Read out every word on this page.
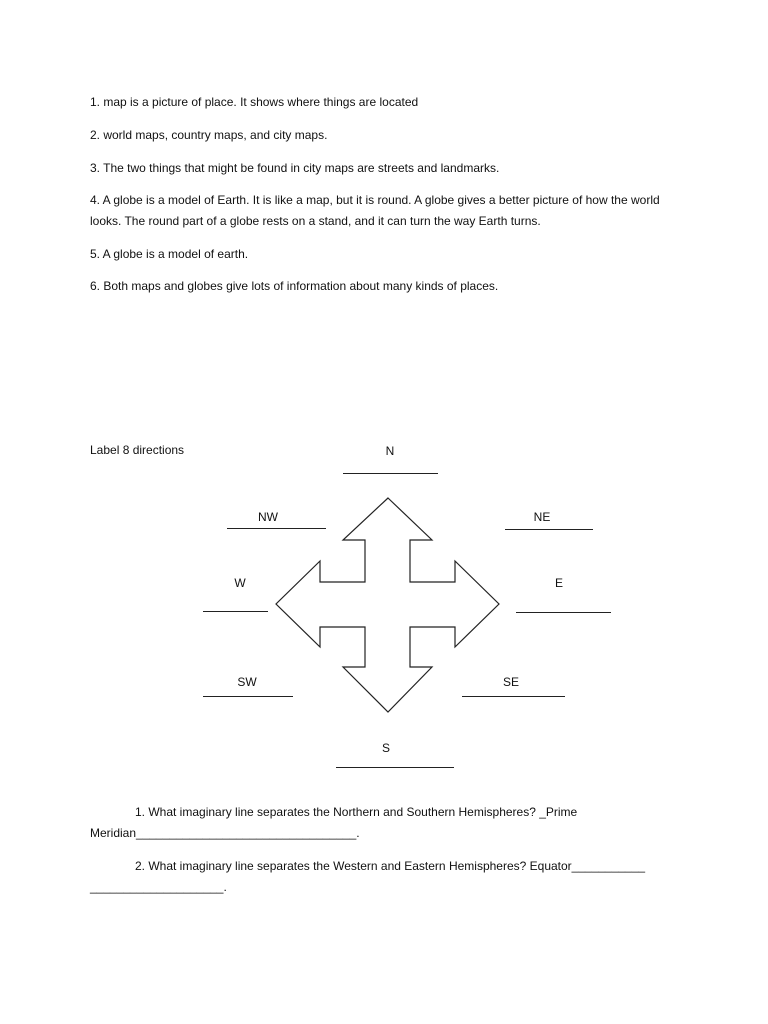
1. map is a picture of place. It shows where things are located
2. world maps, country maps, and city maps.
3. The two things that might be found in city maps are streets and landmarks.
4. A globe is a model of Earth. It is like a map, but it is round. A globe gives a better picture of how the world looks. The round part of a globe rests on a stand, and it can turn the way Earth turns.
5. A globe is a model of earth.
6. Both maps and globes give lots of information about many kinds of places.
Label 8 directions	N
NW	NE
W	E
SW	SE
S
1. What imaginary line separates the Northern and Southern Hemispheres? _Prime
Meridian_________________________________.
2. What imaginary line separates the Western and Eastern Hemispheres? Equator___________
____________________.
